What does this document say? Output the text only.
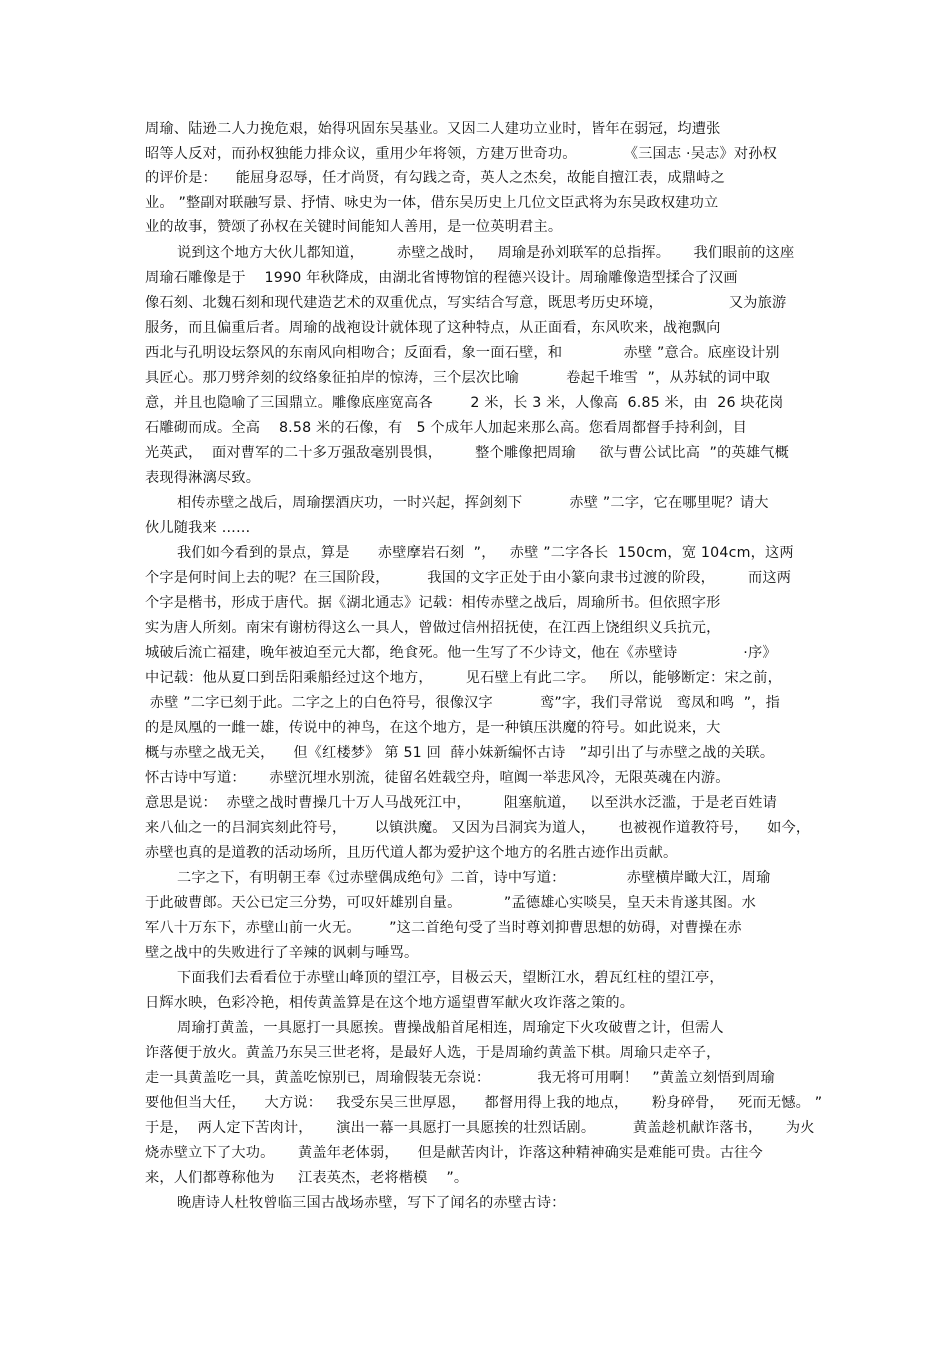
周瑜、陆逊二人力挽危艰，始得巩固东吴基业。又因二人建功立业时，皆年在弱冠，均遭张
昭等人反对，而孙权独能力排众议，重用少年将领，方建万世奇功。          《三国志 ·吴志》对孙权
的评价是：    能屈身忍辱，任才尚贤，有勾践之奇，英人之杰矣，故能自擅江表，成鼎峙之
业。 ”整副对联融写景、抒情、咏史为一体，借东吴历史上几位文臣武将为东吴政权建功立
业的故事，赞颂了孙权在关键时间能知人善用，是一位英明君主。
说到这个地方大伙儿都知道，       赤壁之战时，   周瑜是孙刘联军的总指挥。     我们眼前的这座
周瑜石雕像是于    1990 年秋降成，由湖北省博物馆的程德兴设计。周瑜雕像造型揉合了汉画
像石刻、北魏石刻和现代建造艺术的双重优点，写实结合写意，既思考历史环境，              又为旅游
服务，而且偏重后者。周瑜的战袍设计就体现了这种特点，从正面看，东风吹来，战袍飘向
西北与孔明设坛祭风的东南风向相吻合；反面看，象一面石壁，和             赤壁 ”意合。底座设计别
具匠心。那刀劈斧刻的纹络象征拍岸的惊涛，三个层次比喻          卷起千堆雪  ”，从苏轼的词中取
意，并且也隐喻了三国鼎立。雕像底座宽高各        2 米，长 3 米，人像高  6.85 米，由  26 块花岗
石雕砌而成。全高    8.58 米的石像，有   5 个成年人加起来那么高。您看周都督手持利剑，目
光英武，  面对曹军的二十多万强敌毫别畏惧，       整个雕像把周瑜     欲与曹公试比高  ”的英雄气概
表现得淋漓尽致。
相传赤壁之战后，周瑜摆酒庆功，一时兴起，挥剑刻下          赤壁 ”二字，它在哪里呢？请大
伙儿随我来 ……
我们如今看到的景点，算是      赤壁摩岩石刻  ”，   赤壁 ”二字各长  150cm，宽 104cm，这两
个字是何时间上去的呢？在三国阶段，        我国的文字正处于由小篆向隶书过渡的阶段，       而这两
个字是楷书，形成于唐代。据《湖北通志》记载：相传赤壁之战后，周瑜所书。但依照字形
实为唐人所刻。南宋有谢枋得这么一具人，曾做过信州招抚使，在江西上饶组织义兵抗元，
城破后流亡福建，晚年被迫至元大都，绝食死。他一生写了不少诗文，他在《赤壁诗              ·序》
中记载：他从夏口到岳阳乘船经过这个地方，       见石壁上有此二字。   所以，能够断定：宋之前，
赤壁 ”二字已刻于此。二字之上的白色符号，很像汉字          鸾”字，我们寻常说   鸾凤和鸣  ”，指
的是凤凰的一雌一雄，传说中的神鸟，在这个地方，是一种镇压洪魔的符号。如此说来，大
概与赤壁之战无关，    但《红楼梦》 第 51 回  薛小妹新编怀古诗   ”却引出了与赤壁之战的关联。
怀古诗中写道：     赤壁沉埋水别流，徒留名姓载空舟，喧阗一举悲风冷，无限英魂在内游。
意思是说：  赤壁之战时曹操几十万人马战死江中，       阻塞航道，   以至洪水泛滥，于是老百姓请
来八仙之一的吕洞宾刻此符号，      以镇洪魔。 又因为吕洞宾为道人，     也被视作道教符号，    如今，
赤壁也真的是道教的活动场所，且历代道人都为爱护这个地方的名胜古迹作出贡献。
二字之下，有明朝王奉《过赤壁偶成绝句》二首，诗中写道：             赤壁横岸瞰大江，周瑜
于此破曹郎。天公已定三分势，可叹奸雄别自量。         ”孟德雄心实啖吴，皇天未肯遂其图。水
军八十万东下，赤壁山前一火无。      ”这二首绝句受了当时尊刘抑曹思想的妨碍，对曹操在赤
壁之战中的失败进行了辛辣的讽刺与唾骂。
下面我们去看看位于赤壁山峰顶的望江亭，目极云天，望断江水，碧瓦红柱的望江亭，
日辉水映，色彩冷艳，相传黄盖算是在这个地方遥望曹军献火攻诈落之策的。
周瑜打黄盖，一具愿打一具愿挨。曹操战船首尾相连，周瑜定下火攻破曹之计，但需人
诈落便于放火。黄盖乃东吴三世老将，是最好人选，于是周瑜约黄盖下棋。周瑜只走卒子，
走一具黄盖吃一具，黄盖吃惊别已，周瑜假装无奈说：          我无将可用啊！   ”黄盖立刻悟到周瑜
要他但当大任，    大方说：   我受东吴三世厚恩，    都督用得上我的地点，     粉身碎骨，   死而无憾。 ”
于是，  两人定下苦肉计，     演出一幕一具愿打一具愿挨的壮烈话剧。        黄盖趁机献诈落书，     为火
烧赤壁立下了大功。     黄盖年老体弱，    但是献苦肉计，诈落这种精神确实是难能可贵。古往今
来，人们都尊称他为     江表英杰，老将楷模    ”。
晚唐诗人杜牧曾临三国古战场赤壁，写下了闻名的赤壁古诗：
